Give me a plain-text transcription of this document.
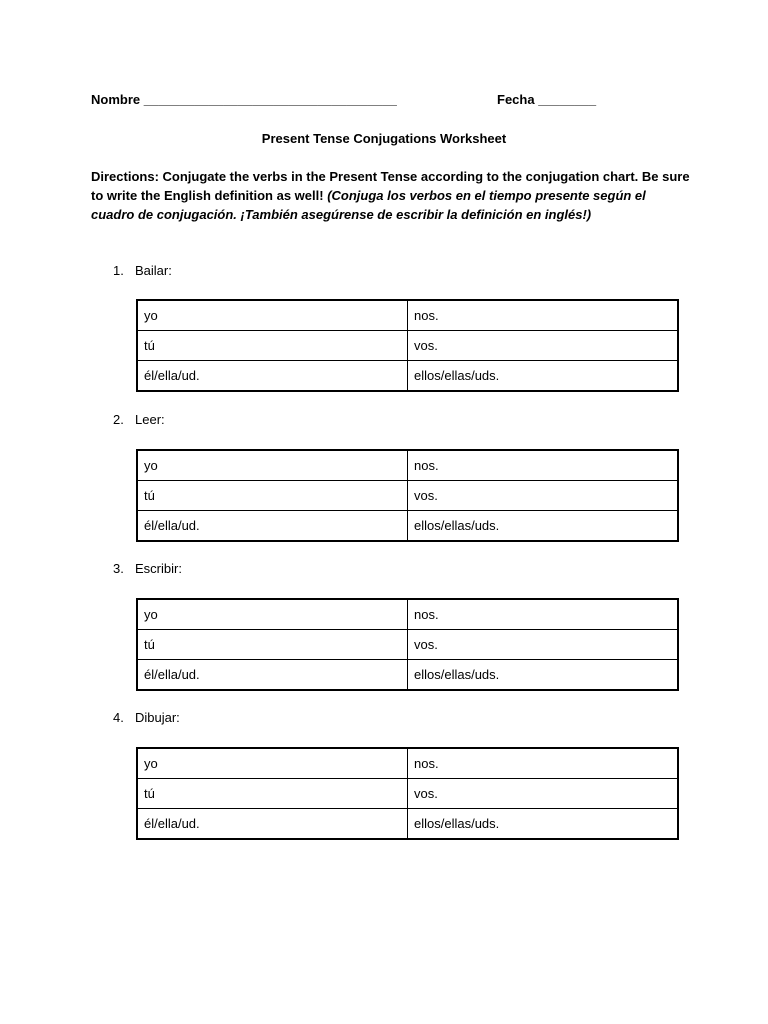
Nombre ___________________________________	Fecha ________
Present Tense Conjugations Worksheet
Directions: Conjugate the verbs in the Present Tense according to the conjugation chart. Be sure to write the English definition as well! (Conjuga los verbos en el tiempo presente según el cuadro de conjugación. ¡También asegúrense de escribir la definición en inglés!)
1. Bailar:
yo	nos.
tú	vos.
él/ella/ud.	ellos/ellas/uds.
2. Leer:
yo	nos.
tú	vos.
él/ella/ud.	ellos/ellas/uds.
3. Escribir:
yo	nos.
tú	vos.
él/ella/ud.	ellos/ellas/uds.
4. Dibujar:
yo	nos.
tú	vos.
él/ella/ud.	ellos/ellas/uds.
